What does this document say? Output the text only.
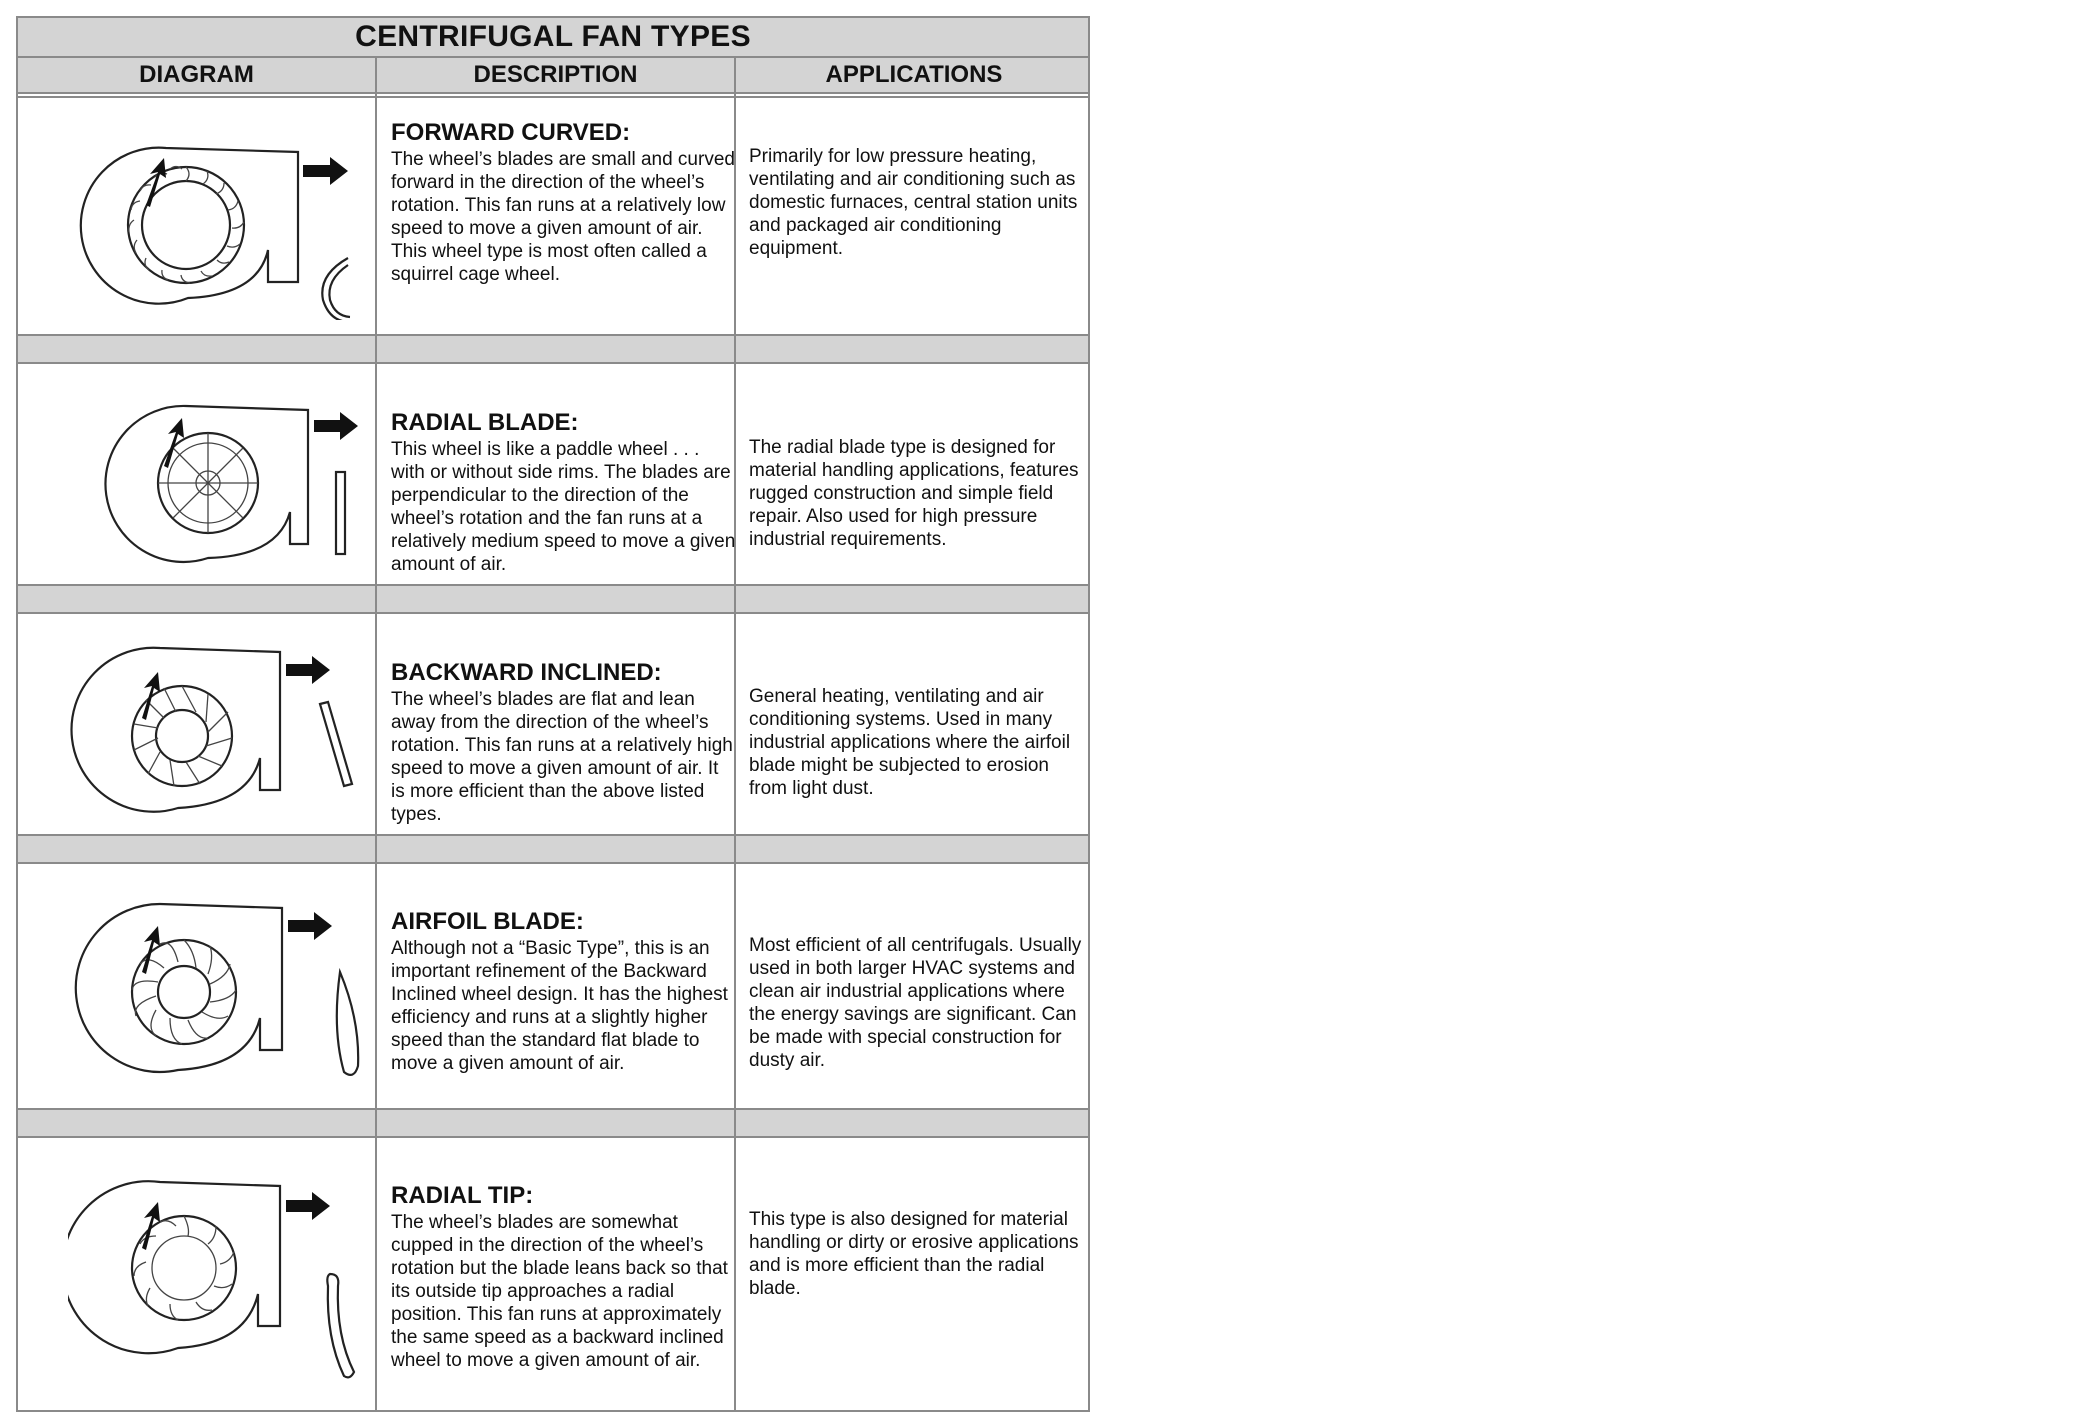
CENTRIFUGAL FAN TYPES
DIAGRAM	DESCRIPTION	APPLICATIONS
FORWARD CURVED:

The wheel’s blades are small and curved forward in the direction of the wheel’s rotation. This fan runs at a relatively low speed to move a given amount of air. This wheel type is most often called a squirrel cage wheel.

Primarily for low pressure heating, ventilating and air conditioning such as domestic furnaces, central station units and packaged air conditioning equipment.

RADIAL BLADE:

This wheel is like a paddle wheel . . . with or without side rims. The blades are perpendicular to the direction of the wheel’s rotation and the fan runs at a relatively medium speed to move a given amount of air.

The radial blade type is designed for material handling applications, features rugged construction and simple field repair. Also used for high pressure industrial requirements.

BACKWARD INCLINED:

The wheel’s blades are flat and lean away from the direction of the wheel’s rotation. This fan runs at a relatively high speed to move a given amount of air. It is more efficient than the above listed types.

General heating, ventilating and air conditioning systems. Used in many industrial applications where the airfoil blade might be subjected to erosion from light dust.

AIRFOIL BLADE:

Although not a “Basic Type”, this is an important refinement of the Backward Inclined wheel design. It has the highest efficiency and runs at a slightly higher speed than the standard flat blade to move a given amount of air.

Most efficient of all centrifugals. Usually used in both larger HVAC systems and clean air industrial applications where the energy savings are significant. Can be made with special construction for dusty air.

RADIAL TIP:

The wheel’s blades are somewhat cupped in the direction of the wheel’s rotation but the blade leans back so that its outside tip approaches a radial position. This fan runs at approximately the same speed as a backward inclined wheel to move a given amount of air.

This type is also designed for material handling or dirty or erosive applications and is more efficient than the radial blade.
